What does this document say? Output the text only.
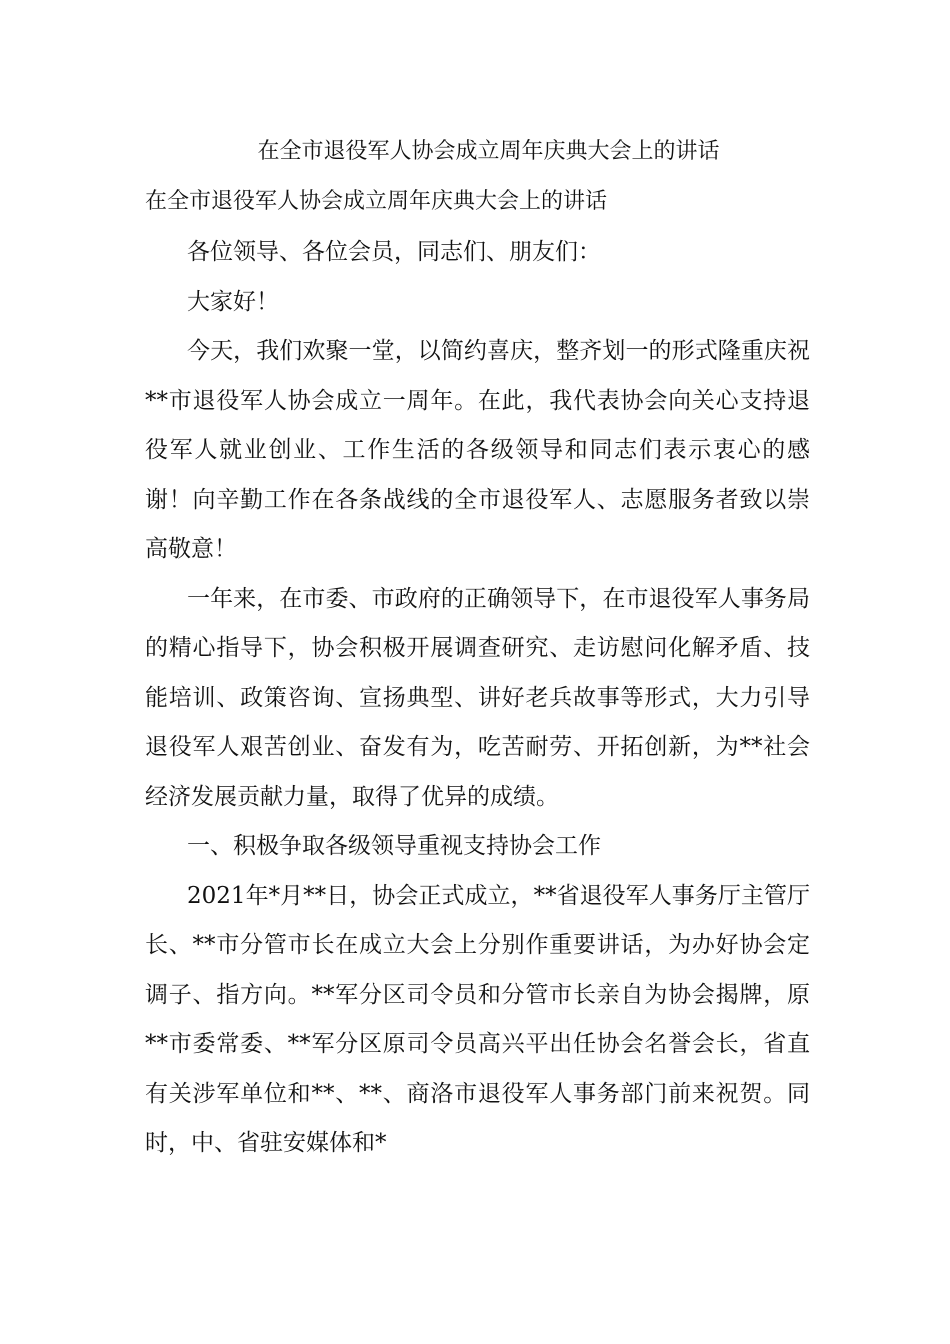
在全市退役军人协会成立周年庆典大会上的讲话
在全市退役军人协会成立周年庆典大会上的讲话

各位领导、各位会员，同志们、朋友们：

大家好！

今天，我们欢聚一堂，以简约喜庆，整齐划一的形式隆重庆祝**市退役军人协会成立一周年。在此，我代表协会向关心支持退役军人就业创业、工作生活的各级领导和同志们表示衷心的感谢！向辛勤工作在各条战线的全市退役军人、志愿服务者致以崇高敬意！

一年来，在市委、市政府的正确领导下，在市退役军人事务局的精心指导下，协会积极开展调查研究、走访慰问化解矛盾、技能培训、政策咨询、宣扬典型、讲好老兵故事等形式，大力引导退役军人艰苦创业、奋发有为，吃苦耐劳、开拓创新，为**社会经济发展贡献力量，取得了优异的成绩。

一、积极争取各级领导重视支持协会工作

2021年*月**日，协会正式成立，**省退役军人事务厅主管厅长、**市分管市长在成立大会上分别作重要讲话，为办好协会定调子、指方向。**军分区司令员和分管市长亲自为协会揭牌，原**市委常委、**军分区原司令员高兴平出任协会名誉会长，省直有关涉军单位和**、**、商洛市退役军人事务部门前来祝贺。同时，中、省驻安媒体和*
